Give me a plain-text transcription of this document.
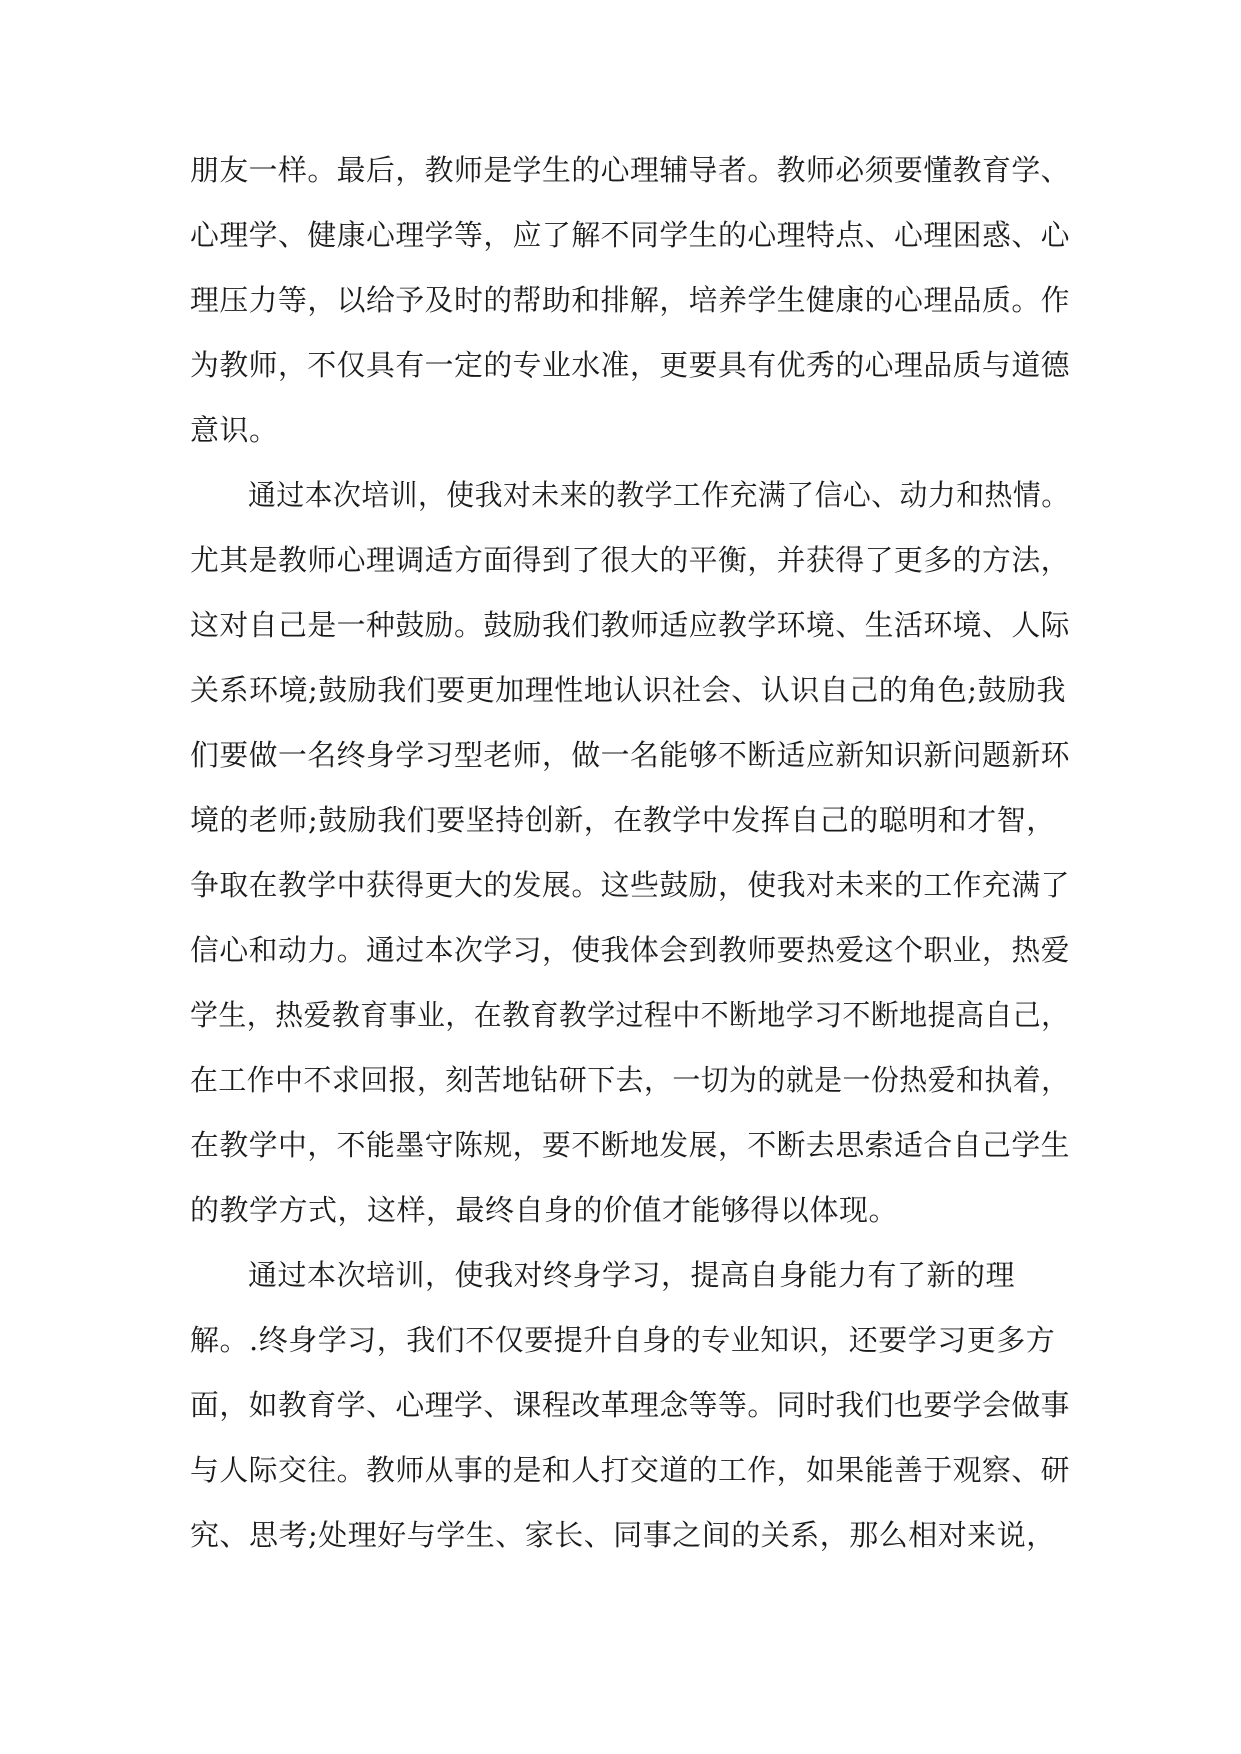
朋友一样。最后，教师是学生的心理辅导者。教师必须要懂教育学、
心理学、健康心理学等，应了解不同学生的心理特点、心理困惑、心
理压力等，以给予及时的帮助和排解，培养学生健康的心理品质。作
为教师，不仅具有一定的专业水准，更要具有优秀的心理品质与道德
意识。
通过本次培训，使我对未来的教学工作充满了信心、动力和热情。
尤其是教师心理调适方面得到了很大的平衡，并获得了更多的方法，
这对自己是一种鼓励。鼓励我们教师适应教学环境、生活环境、人际
关系环境;鼓励我们要更加理性地认识社会、认识自己的角色;鼓励我
们要做一名终身学习型老师，做一名能够不断适应新知识新问题新环
境的老师;鼓励我们要坚持创新，在教学中发挥自己的聪明和才智，
争取在教学中获得更大的发展。这些鼓励，使我对未来的工作充满了
信心和动力。通过本次学习，使我体会到教师要热爱这个职业，热爱
学生，热爱教育事业，在教育教学过程中不断地学习不断地提高自己，
在工作中不求回报，刻苦地钻研下去，一切为的就是一份热爱和执着，
在教学中，不能墨守陈规，要不断地发展，不断去思索适合自己学生
的教学方式，这样，最终自身的价值才能够得以体现。
通过本次培训，使我对终身学习，提高自身能力有了新的理
解。.终身学习，我们不仅要提升自身的专业知识，还要学习更多方
面，如教育学、心理学、课程改革理念等等。同时我们也要学会做事
与人际交往。教师从事的是和人打交道的工作，如果能善于观察、研
究、思考;处理好与学生、家长、同事之间的关系，那么相对来说，
